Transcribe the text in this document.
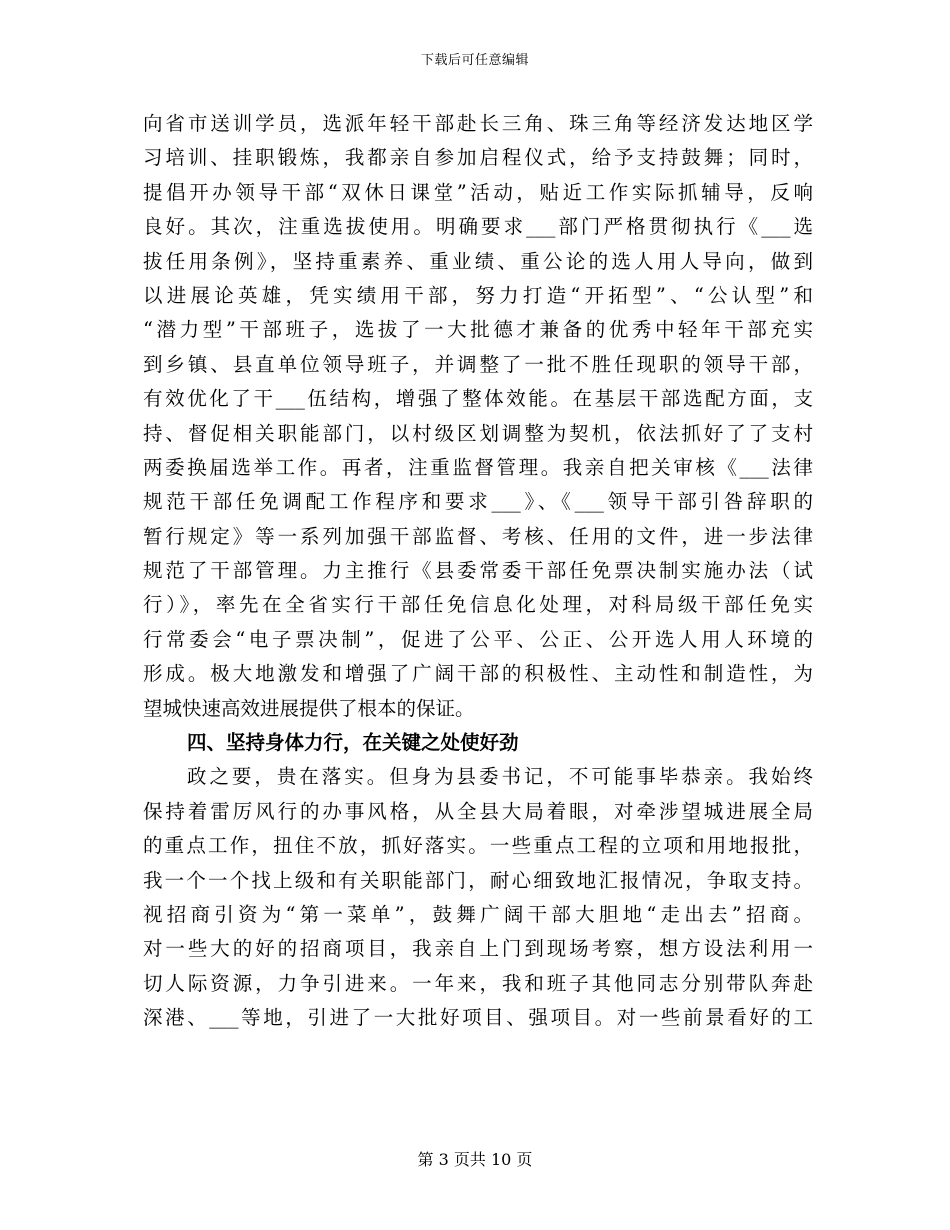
下载后可任意编辑
向省市送训学员，选派年轻干部赴长三角、珠三角等经济发达地区学
习培训、挂职锻炼，我都亲自参加启程仪式，给予支持鼓舞；同时，
提倡开办领导干部“双休日课堂”活动，贴近工作实际抓辅导，反响
良好。其次，注重选拔使用。明确要求___部门严格贯彻执行《___选
拔任用条例》，坚持重素养、重业绩、重公论的选人用人导向，做到
以进展论英雄，凭实绩用干部，努力打造“开拓型”、“公认型”和
“潜力型”干部班子，选拔了一大批德才兼备的优秀中轻年干部充实
到乡镇、县直单位领导班子，并调整了一批不胜任现职的领导干部，
有效优化了干___伍结构，增强了整体效能。在基层干部选配方面，支
持、督促相关职能部门，以村级区划调整为契机，依法抓好了了支村
两委换届选举工作。再者，注重监督管理。我亲自把关审核《___法律
规范干部任免调配工作程序和要求___》、《___领导干部引咎辞职的
暂行规定》等一系列加强干部监督、考核、任用的文件，进一步法律
规范了干部管理。力主推行《县委常委干部任免票决制实施办法（试
行）》，率先在全省实行干部任免信息化处理，对科局级干部任免实
行常委会“电子票决制”，促进了公平、公正、公开选人用人环境的
形成。极大地激发和增强了广阔干部的积极性、主动性和制造性，为
望城快速高效进展提供了根本的保证。
四、坚持身体力行，在关键之处使好劲
政之要，贵在落实。但身为县委书记，不可能事毕恭亲。我始终
保持着雷厉风行的办事风格，从全县大局着眼，对牵涉望城进展全局
的重点工作，扭住不放，抓好落实。一些重点工程的立项和用地报批，
我一个一个找上级和有关职能部门，耐心细致地汇报情况，争取支持。
视招商引资为“第一菜单”，鼓舞广阔干部大胆地“走出去”招商。
对一些大的好的招商项目，我亲自上门到现场考察，想方设法利用一
切人际资源，力争引进来。一年来，我和班子其他同志分别带队奔赴
深港、___等地，引进了一大批好项目、强项目。对一些前景看好的工
第 3 页共 10 页
